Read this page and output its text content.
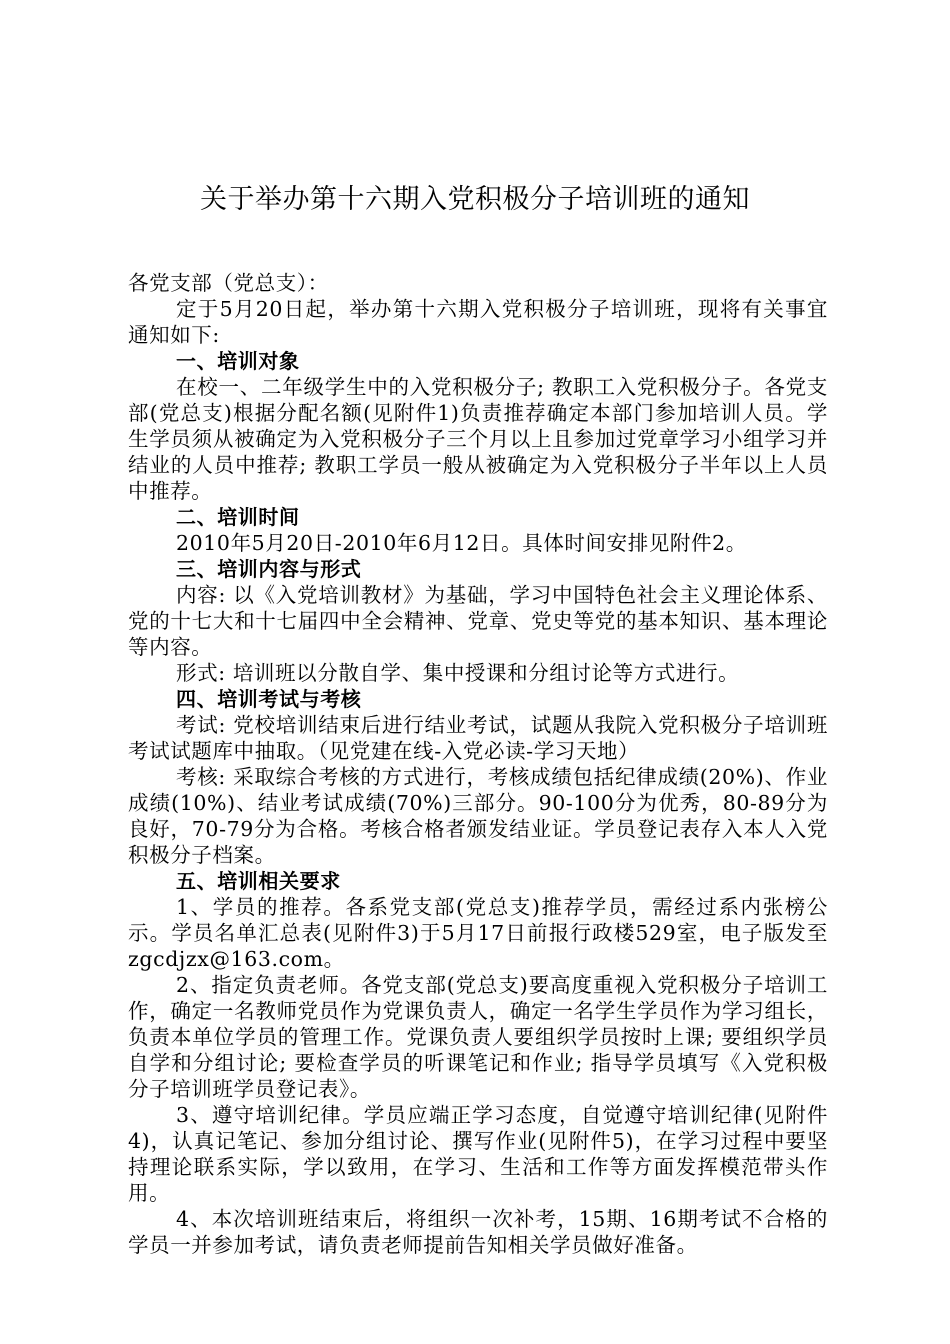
关于举办第十六期入党积极分子培训班的通知

各党支部（党总支）：

定于5月20日起，举办第十六期入党积极分子培训班，现将有关事宜通知如下:

一、培训对象

在校一、二年级学生中的入党积极分子; 教职工入党积极分子。各党支部(党总支)根据分配名额(见附件1)负责推荐确定本部门参加培训人员。学生学员须从被确定为入党积极分子三个月以上且参加过党章学习小组学习并结业的人员中推荐; 教职工学员一般从被确定为入党积极分子半年以上人员中推荐。

二、培训时间

2010年5月20日-2010年6月12日。具体时间安排见附件2。

三、培训内容与形式

内容: 以《入党培训教材》为基础，学习中国特色社会主义理论体系、党的十七大和十七届四中全会精神、党章、党史等党的基本知识、基本理论等内容。

形式: 培训班以分散自学、集中授课和分组讨论等方式进行。

四、培训考试与考核

考试: 党校培训结束后进行结业考试，试题从我院入党积极分子培训班考试试题库中抽取。（见党建在线-入党必读-学习天地）

考核: 采取综合考核的方式进行，考核成绩包括纪律成绩(20%)、作业成绩(10%)、结业考试成绩(70%)三部分。90-100分为优秀，80-89分为良好，70-79分为合格。考核合格者颁发结业证。学员登记表存入本人入党积极分子档案。

五、培训相关要求

1、学员的推荐。各系党支部(党总支)推荐学员，需经过系内张榜公示。学员名单汇总表(见附件3)于5月17日前报行政楼529室，电子版发至zgcdjzx@163.com。

2、指定负责老师。各党支部(党总支)要高度重视入党积极分子培训工作，确定一名教师党员作为党课负责人，确定一名学生学员作为学习组长，负责本单位学员的管理工作。党课负责人要组织学员按时上课; 要组织学员自学和分组讨论; 要检查学员的听课笔记和作业; 指导学员填写《入党积极分子培训班学员登记表》。

3、遵守培训纪律。学员应端正学习态度，自觉遵守培训纪律(见附件4)，认真记笔记、参加分组讨论、撰写作业(见附件5)，在学习过程中要坚持理论联系实际，学以致用，在学习、生活和工作等方面发挥模范带头作用。

4、本次培训班结束后，将组织一次补考，15期、16期考试不合格的学员一并参加考试，请负责老师提前告知相关学员做好准备。
